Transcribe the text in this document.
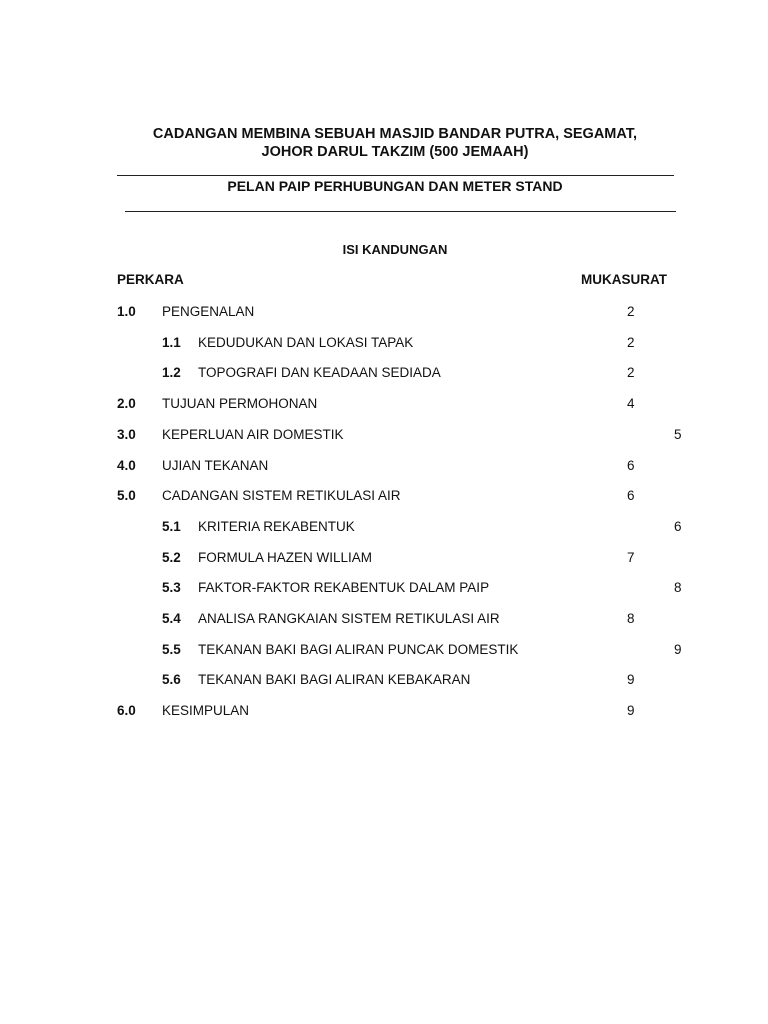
CADANGAN MEMBINA SEBUAH MASJID BANDAR PUTRA, SEGAMAT,
JOHOR DARUL TAKZIM (500 JEMAAH)
PELAN PAIP PERHUBUNGAN DAN METER STAND
ISI KANDUNGAN
PERKARA	MUKASURAT
1.0 PENGENALAN	2
1.1 KEDUDUKAN DAN LOKASI TAPAK	2
1.2 TOPOGRAFI DAN KEADAAN SEDIADA	2
2.0 TUJUAN PERMOHONAN	4
3.0 KEPERLUAN AIR DOMESTIK	5
4.0 UJIAN TEKANAN	6
5.0 CADANGAN SISTEM RETIKULASI AIR	6
5.1 KRITERIA REKABENTUK	6
5.2 FORMULA HAZEN WILLIAM	7
5.3 FAKTOR-FAKTOR REKABENTUK DALAM PAIP	8
5.4 ANALISA RANGKAIAN SISTEM RETIKULASI AIR	8
5.5 TEKANAN BAKI BAGI ALIRAN PUNCAK DOMESTIK	9
5.6 TEKANAN BAKI BAGI ALIRAN KEBAKARAN	9
6.0 KESIMPULAN	9
